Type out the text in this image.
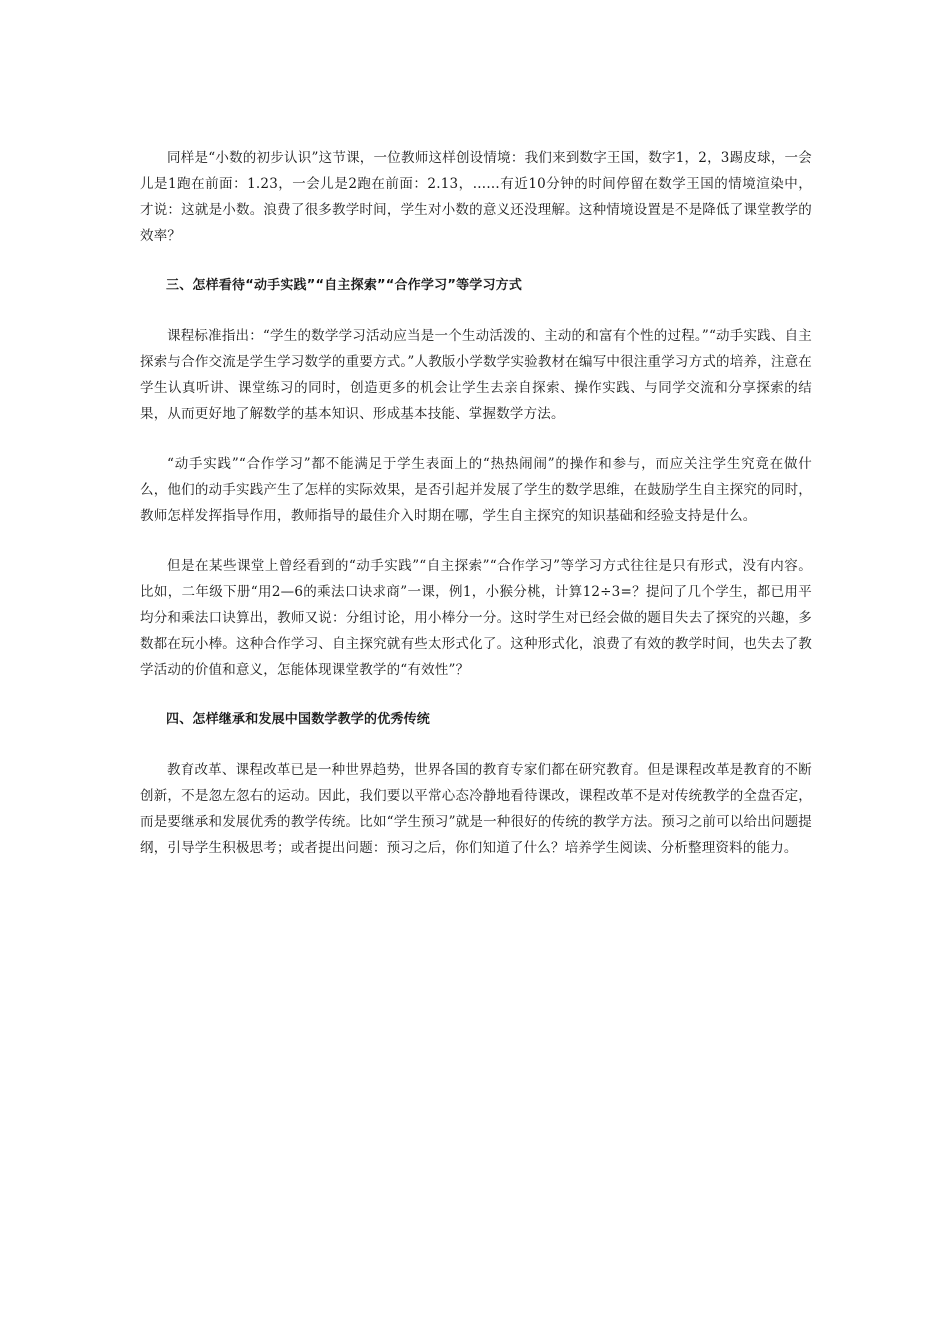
同样是“小数的初步认识”这节课，一位教师这样创设情境：我们来到数字王国，数字1，2，3踢皮球，一会儿是1跑在前面：1.23，一会儿是2跑在前面：2.13，……有近10分钟的时间停留在数学王国的情境渲染中，才说：这就是小数。浪费了很多教学时间，学生对小数的意义还没理解。这种情境设置是不是降低了课堂教学的效率？

三、怎样看待“动手实践”“自主探索”“合作学习”等学习方式

课程标准指出：“学生的数学学习活动应当是一个生动活泼的、主动的和富有个性的过程。”“动手实践、自主探索与合作交流是学生学习数学的重要方式。”人教版小学数学实验教材在编写中很注重学习方式的培养，注意在学生认真听讲、课堂练习的同时，创造更多的机会让学生去亲自探索、操作实践、与同学交流和分享探索的结果，从而更好地了解数学的基本知识、形成基本技能、掌握数学方法。

“动手实践”“合作学习”都不能满足于学生表面上的“热热闹闹”的操作和参与，而应关注学生究竟在做什么，他们的动手实践产生了怎样的实际效果，是否引起并发展了学生的数学思维，在鼓励学生自主探究的同时，教师怎样发挥指导作用，教师指导的最佳介入时期在哪，学生自主探究的知识基础和经验支持是什么。

但是在某些课堂上曾经看到的“动手实践”“自主探索”“合作学习”等学习方式往往是只有形式，没有内容。比如，二年级下册“用2—6的乘法口诀求商”一课，例1，小猴分桃，计算12÷3=？提问了几个学生，都已用平均分和乘法口诀算出，教师又说：分组讨论，用小棒分一分。这时学生对已经会做的题目失去了探究的兴趣，多数都在玩小棒。这种合作学习、自主探究就有些太形式化了。这种形式化，浪费了有效的教学时间，也失去了教学活动的价值和意义，怎能体现课堂教学的“有效性”？

四、怎样继承和发展中国数学教学的优秀传统

教育改革、课程改革已是一种世界趋势，世界各国的教育专家们都在研究教育。但是课程改革是教育的不断创新，不是忽左忽右的运动。因此，我们要以平常心态冷静地看待课改，课程改革不是对传统教学的全盘否定，而是要继承和发展优秀的教学传统。比如“学生预习”就是一种很好的传统的教学方法。预习之前可以给出问题提纲，引导学生积极思考；或者提出问题：预习之后，你们知道了什么？培养学生阅读、分析整理资料的能力。
